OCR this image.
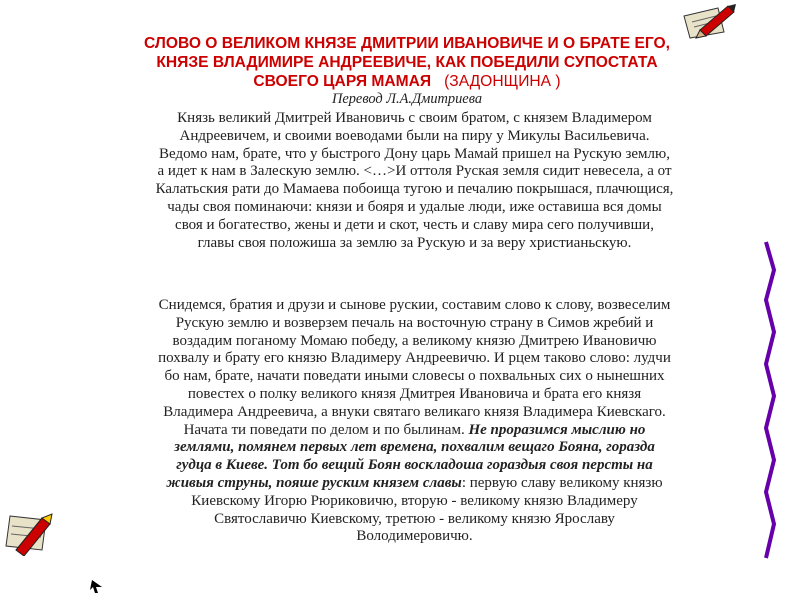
СЛОВО О ВЕЛИКОМ КНЯЗЕ ДМИТРИИ ИВАНОВИЧЕ И О БРАТЕ ЕГО,
КНЯЗЕ ВЛАДИМИРЕ АНДРЕЕВИЧЕ, КАК ПОБЕДИЛИ СУПОСТАТА
СВОЕГО ЦАРЯ МАМАЯ (ЗАДОНЩИНА )
Перевод Л.А.Дмитриева
Князь великий Дмитрей Ивановичь с своим братом, с князем Владимером
Андреевичем, и своими воеводами были на пиру у Микулы Васильевича.
Ведомо нам, брате, что у быстрого Дону царь Мамай пришел на Рускую землю,
а идет к нам в Залескую землю. <…>И оттоля Руская земля сидит невесела, а от
Калатьския рати до Мамаева побоища тугою и печалию покрышася, плачющися,
чады своя поминаючи: князи и бояря и удалые люди, иже оставиша вся домы
своя и богатество, жены и дети и скот, честь и славу мира сего получивши,
главы своя положиша за землю за Рускую и за веру христианьскую.
Снидемся, братия и друзи и сынове рускии, составим слово к слову, возвеселим
Рускую землю и возверзем печаль на восточную страну в Симов жребий и
воздадим поганому Момаю победу, а великому князю Дмитрею Ивановичю
похвалу и брату его князю Владимеру Андреевичю. И рцем таково слово: лудчи
бо нам, брате, начати поведати иными словесы о похвальных сих о нынешних
повестех о полку великого князя Дмитрея Ивановича и брата его князя
Владимера Андреевича, а внуки святаго великаго князя Владимера Киевскаго.
Начата ти поведати по делом и по былинам. Не проразимся мыслию но
землями, помянем первых лет времена, похвалим вещаго Бояна, горазда
гудца в Киеве. Тот бо вещий Боян воскладоша гораздыя своя персты на
живыя струны, пояше руским князем славы: первую славу великому князю
Киевскому Игорю Рюриковичю, вторую - великому князю Владимеру
Святославичю Киевскому, третюю - великому князю Ярославу
Володимеровичю.
